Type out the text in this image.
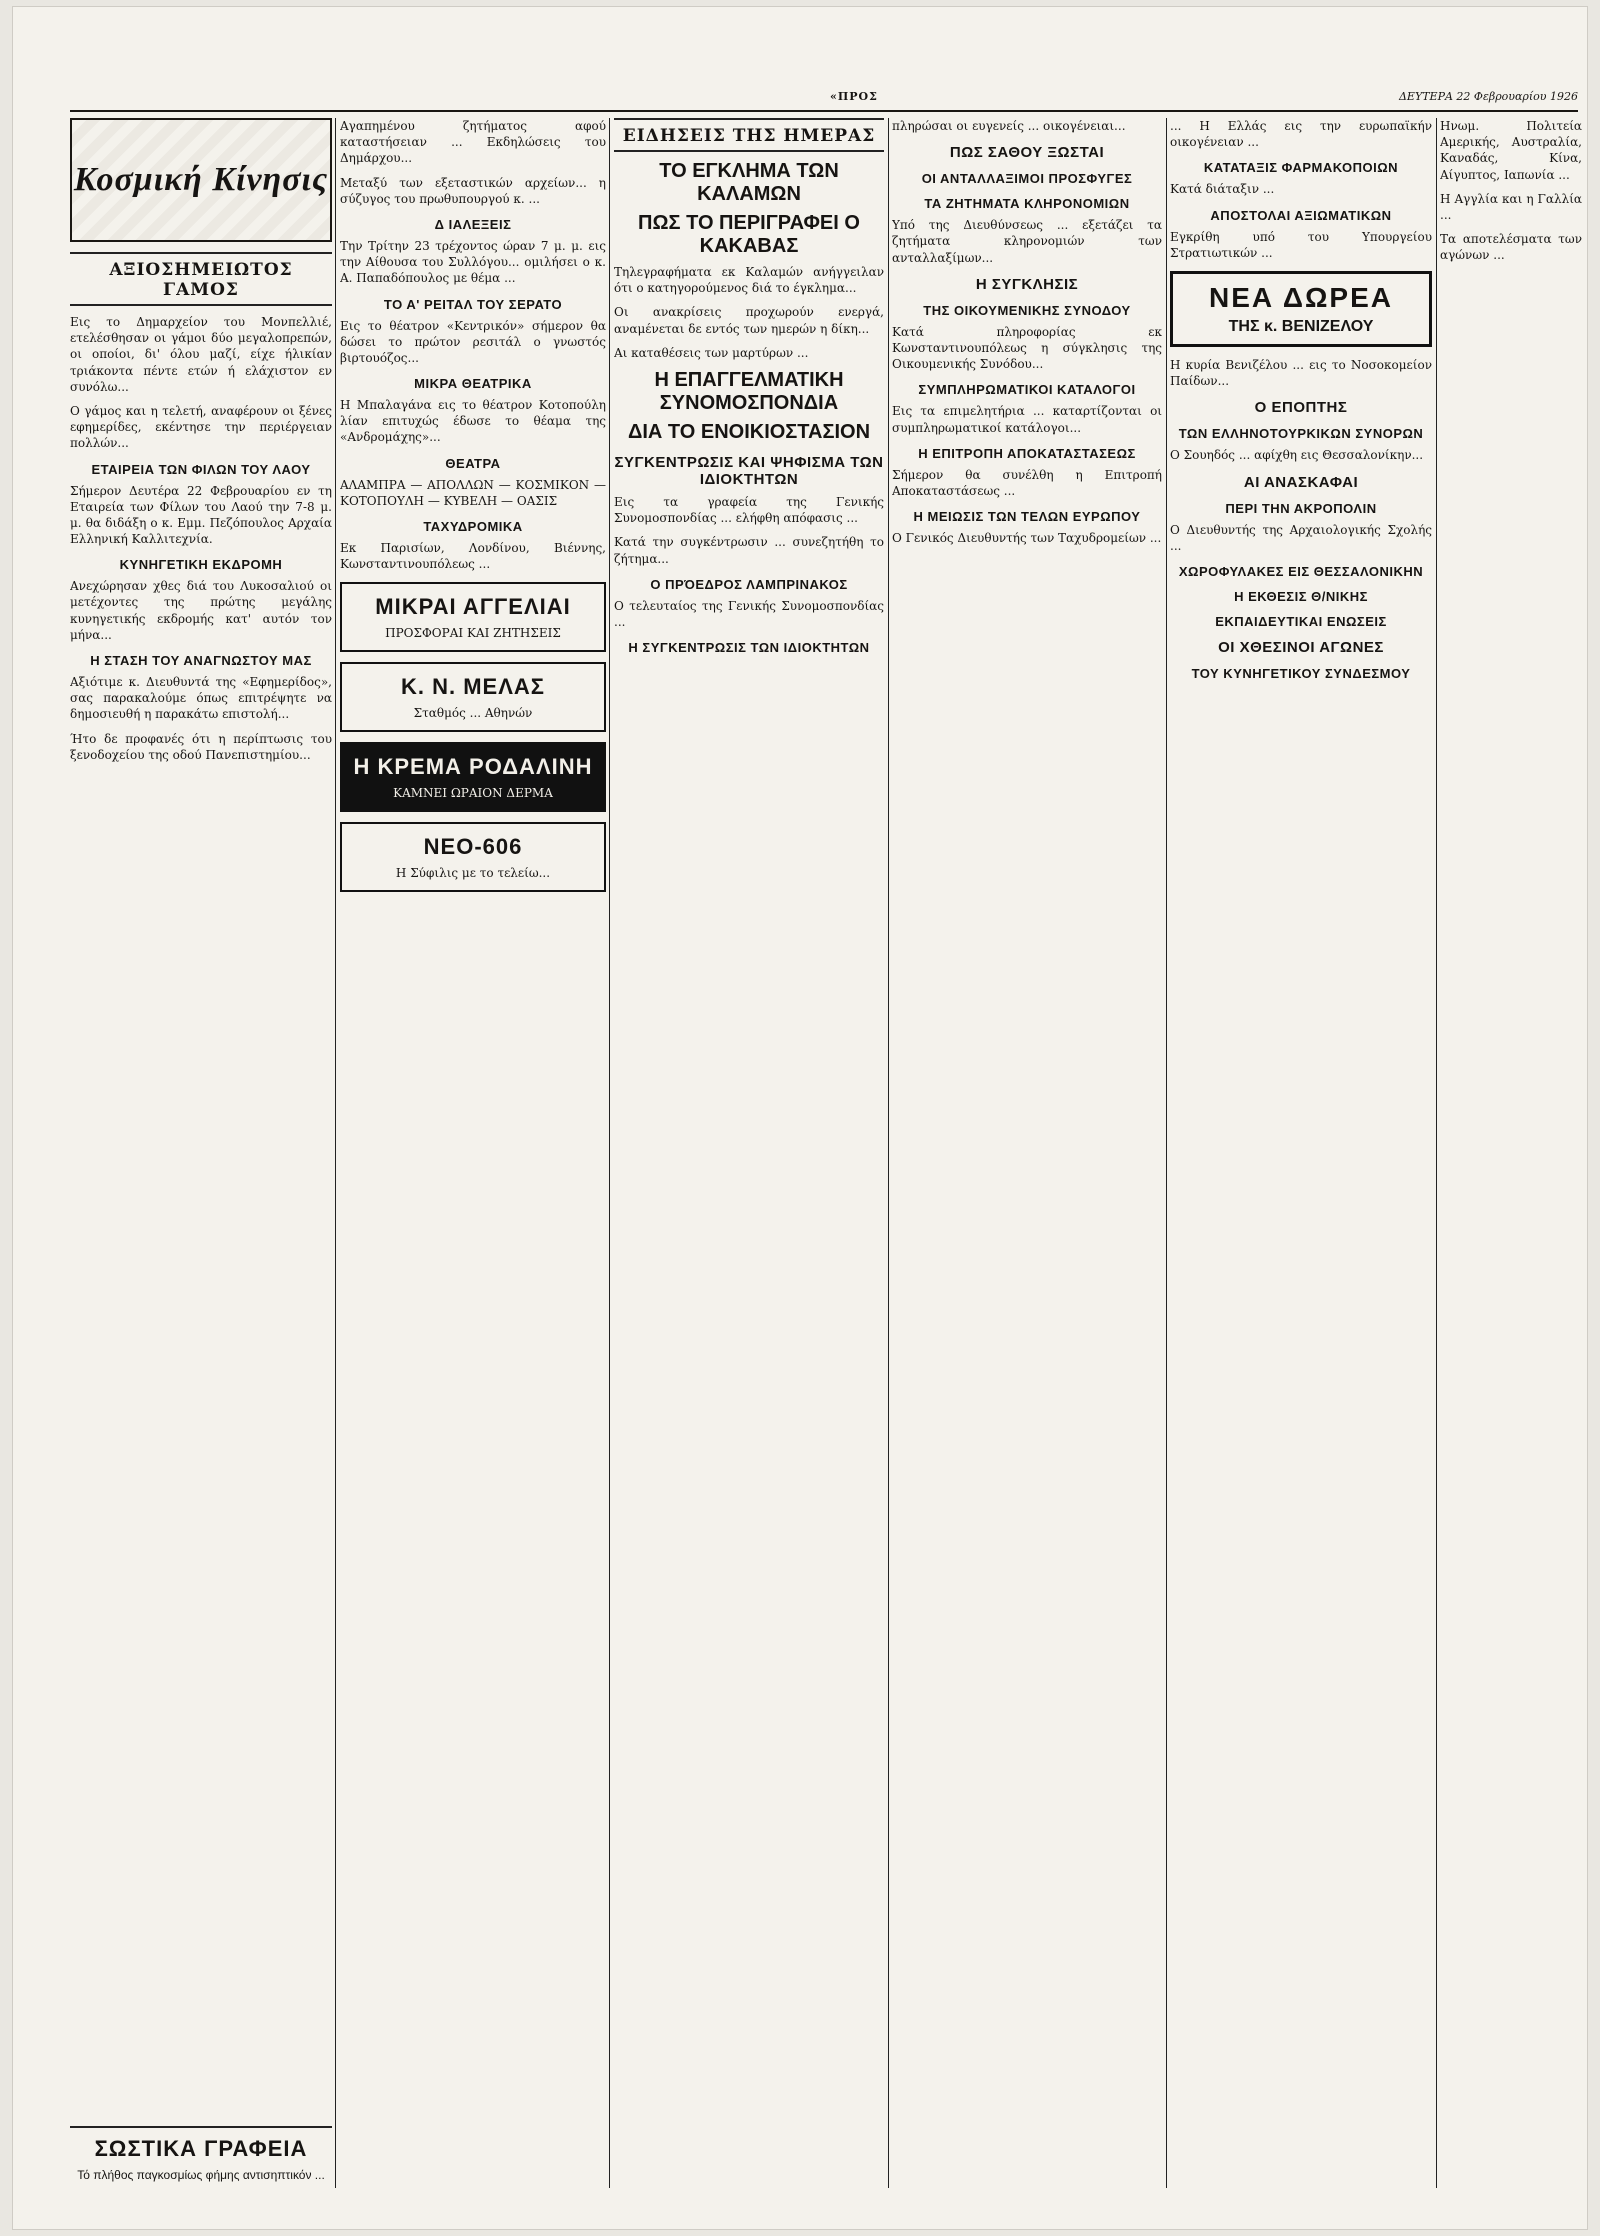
«ΠΡΟΣ	ΔΕΥΤΕΡΑ 22 Φεβρουαρίου 1926
Κοσμική Κίνησις
ΑΞΙΟΣΗΜΕΙΩΤΟΣ ΓΑΜΟΣ

Εις το Δημαρχείον του Μονπελλιέ, ετελέσθησαν οι γάμοι δύο μεγαλοπρεπών, οι οποίοι, δι' όλου μαζί, είχε ήλικίαν τριάκοντα πέντε ετών ή ελάχιστον εν συνόλω...

Ο γάμος και η τελετή, αναφέρουν οι ξένες εφημερίδες, εκέντησε την περιέργειαν πολλών...

ΕΤΑΙΡΕΙΑ ΤΩΝ ΦΙΛΩΝ ΤΟΥ ΛΑΟΥ

Σήμερον Δευτέρα 22 Φεβρουαρίου εν τη Εταιρεία των Φίλων του Λαού την 7-8 μ. μ. θα διδάξη ο κ. Εμμ. Πεζόπουλος Αρχαία Ελληνική Καλλιτεχνία.

ΚΥΝΗΓΕΤΙΚΗ ΕΚΔΡΟΜΗ

Ανεχώρησαν χθες διά του Λυκοσαλιού οι μετέχοντες της πρώτης μεγάλης κυνηγετικής εκδρομής κατ' αυτόν τον μήνα...

Η ΣΤΑΣΗ ΤΟΥ ΑΝΑΓΝΩΣΤΟΥ ΜΑΣ

Αξιότιμε κ. Διευθυντά της «Εφημερίδος», σας παρακαλούμε όπως επιτρέψητε να δημοσιευθή η παρακάτω επιστολή...

Ήτο δε προφανές ότι η περίπτωσις του ξενοδοχείου της οδού Πανεπιστημίου...

Αγαπημένου ζητήματος αφού καταστήσειαν ... Εκδηλώσεις του Δημάρχου...

Μεταξύ των εξεταστικών αρχείων... η σύζυγος του πρωθυπουργού κ. ...

Δ ΙΑΛΕΞΕΙΣ

Την Τρίτην 23 τρέχοντος ώραν 7 μ. μ. εις την Αίθουσα του Συλλόγου... ομιλήσει ο κ. Α. Παπαδόπουλος με θέμα ...

ΤΟ Α' ΡΕΙΤΑΛ ΤΟΥ ΣΕΡΑΤΟ

Εις το θέατρον «Κεντρικόν» σήμερον θα δώσει το πρώτον ρεσιτάλ ο γνωστός βιρτουόζος...

ΜΙΚΡΑ ΘΕΑΤΡΙΚΑ

Η Μπαλαγάνα εις το θέατρον Κοτοπούλη λίαν επιτυχώς έδωσε το θέαμα της «Ανδρομάχης»...

ΘΕΑΤΡΑ

ΑΛΑΜΠΡΑ — ΑΠΟΛΛΩΝ — ΚΟΣΜΙΚΟΝ — ΚΟΤΟΠΟΥΛΗ — ΚΥΒΕΛΗ — ΟΑΣΙΣ

ΤΑΧΥΔΡΟΜΙΚΑ

Εκ Παρισίων, Λονδίνου, Βιέννης, Κωνσταντινουπόλεως ...

ΜΙΚΡΑΙ ΑΓΓΕΛΙΑΙ
ΠΡΟΣΦΟΡΑΙ ΚΑΙ ΖΗΤΗΣΕΙΣ
Κ. Ν. ΜΕΛΑΣ
Σταθμός ... Αθηνών
Η ΚΡΕΜΑ ΡΟΔΑΛΙΝΗ
ΚΑΜΝΕΙ ΩΡΑΙΟΝ ΔΕΡΜΑ
ΝΕΟ-606
Η Σύφιλις με το τελείω...
ΕΙΔΗΣΕΙΣ ΤΗΣ ΗΜΕΡΑΣ
ΤΟ ΕΓΚΛΗΜΑ ΤΩΝ ΚΑΛΑΜΩΝ
ΠΩΣ ΤΟ ΠΕΡΙΓΡΑΦΕΙ Ο ΚΑΚΑΒΑΣ

Τηλεγραφήματα εκ Καλαμών ανήγγειλαν ότι ο κατηγορούμενος διά το έγκλημα...

Οι ανακρίσεις προχωρούν ενεργά, αναμένεται δε εντός των ημερών η δίκη...

Αι καταθέσεις των μαρτύρων ...

Η ΕΠΑΓΓΕΛΜΑΤΙΚΗ ΣΥΝΟΜΟΣΠΟΝΔΙΑ
ΔΙΑ ΤΟ ΕΝΟΙΚΙΟΣΤΑΣΙΟΝ
ΣΥΓΚΕΝΤΡΩΣΙΣ ΚΑΙ ΨΗΦΙΣΜΑ ΤΩΝ ΙΔΙΟΚΤΗΤΩΝ

Εις τα γραφεία της Γενικής Συνομοσπονδίας ... ελήφθη απόφασις ...

Κατά την συγκέντρωσιν ... συνεζητήθη το ζήτημα...

Ο ΠΡΌΕΔΡΟΣ ΛΑΜΠΡΙΝΑΚΟΣ

Ο τελευταίος της Γενικής Συνομοσπονδίας ...

Η ΣΥΓΚΕΝΤΡΩΣΙΣ ΤΩΝ ΙΔΙΟΚΤΗΤΩΝ

πληρώσαι οι ευγενείς ... οικογένειαι...

ΠΩΣ ΣΑΘΟΥ ΞΩΣΤΑΙ
ΟΙ ΑΝΤΑΛΛΑΞΙΜΟΙ ΠΡΟΣΦΥΓΕΣ
ΤΑ ΖΗΤΗΜΑΤΑ ΚΛΗΡΟΝΟΜΙΩΝ

Υπό της Διευθύνσεως ... εξετάζει τα ζητήματα κληρονομιών των ανταλλαξίμων...

Η ΣΥΓΚΛΗΣΙΣ
ΤΗΣ ΟΙΚΟΥΜΕΝΙΚΗΣ ΣΥΝΟΔΟΥ

Κατά πληροφορίας εκ Κωνσταντινουπόλεως η σύγκλησις της Οικουμενικής Συνόδου...

ΣΥΜΠΛΗΡΩΜΑΤΙΚΟΙ ΚΑΤΑΛΟΓΟΙ

Εις τα επιμελητήρια ... καταρτίζονται οι συμπληρωματικοί κατάλογοι...

Η ΕΠΙΤΡΟΠΗ ΑΠΟΚΑΤΑΣΤΑΣΕΩΣ

Σήμερον θα συνέλθη η Επιτροπή Αποκαταστάσεως ...

Η ΜΕΙΩΣΙΣ ΤΩΝ ΤΕΛΩΝ ΕΥΡΩΠΟΥ

Ο Γενικός Διευθυντής των Ταχυδρομείων ...

... Η Ελλάς εις την ευρωπαϊκήν οικογένειαν ...

ΚΑΤΑΤΑΞΙΣ ΦΑΡΜΑΚΟΠΟΙΩΝ

Κατά διάταξιν ...

ΑΠΟΣΤΟΛΑΙ ΑΞΙΩΜΑΤΙΚΩΝ

Εγκρίθη υπό του Υπουργείου Στρατιωτικών ...

ΝΕΑ ΔΩΡΕΑ
ΤΗΣ κ. ΒΕΝΙΖΕΛΟΥ

Η κυρία Βενιζέλου ... εις το Νοσοκομείον Παίδων...

Ο ΕΠΟΠΤΗΣ
ΤΩΝ ΕΛΛΗΝΟΤΟΥΡΚΙΚΩΝ ΣΥΝΟΡΩΝ

Ο Σουηδός ... αφίχθη εις Θεσσαλονίκην...

ΑΙ ΑΝΑΣΚΑΦΑΙ
ΠΕΡΙ ΤΗΝ ΑΚΡΟΠΟΛΙΝ

Ο Διευθυντής της Αρχαιολογικής Σχολής ...

ΧΩΡΟΦΥΛΑΚΕΣ ΕΙΣ ΘΕΣΣΑΛΟΝΙΚΗΝ
Η ΕΚΘΕΣΙΣ Θ/ΝΙΚΗΣ
ΕΚΠΑΙΔΕΥΤΙΚΑΙ ΕΝΩΣΕΙΣ
ΟΙ ΧΘΕΣΙΝΟΙ ΑΓΩΝΕΣ
ΤΟΥ ΚΥΝΗΓΕΤΙΚΟΥ ΣΥΝΔΕΣΜΟΥ

Ηνωμ. Πολιτεία Αμερικής, Αυστραλία, Καναδάς, Κίνα, Αίγυπτος, Ιαπωνία ...

Η Αγγλία και η Γαλλία ...

Τα αποτελέσματα των αγώνων ...

ΣΩΣΤΙΚΑ ΓΡΑΦΕΙΑ
Τό πλήθος παγκοσμίως φήμης αντισηπτικόν ...
